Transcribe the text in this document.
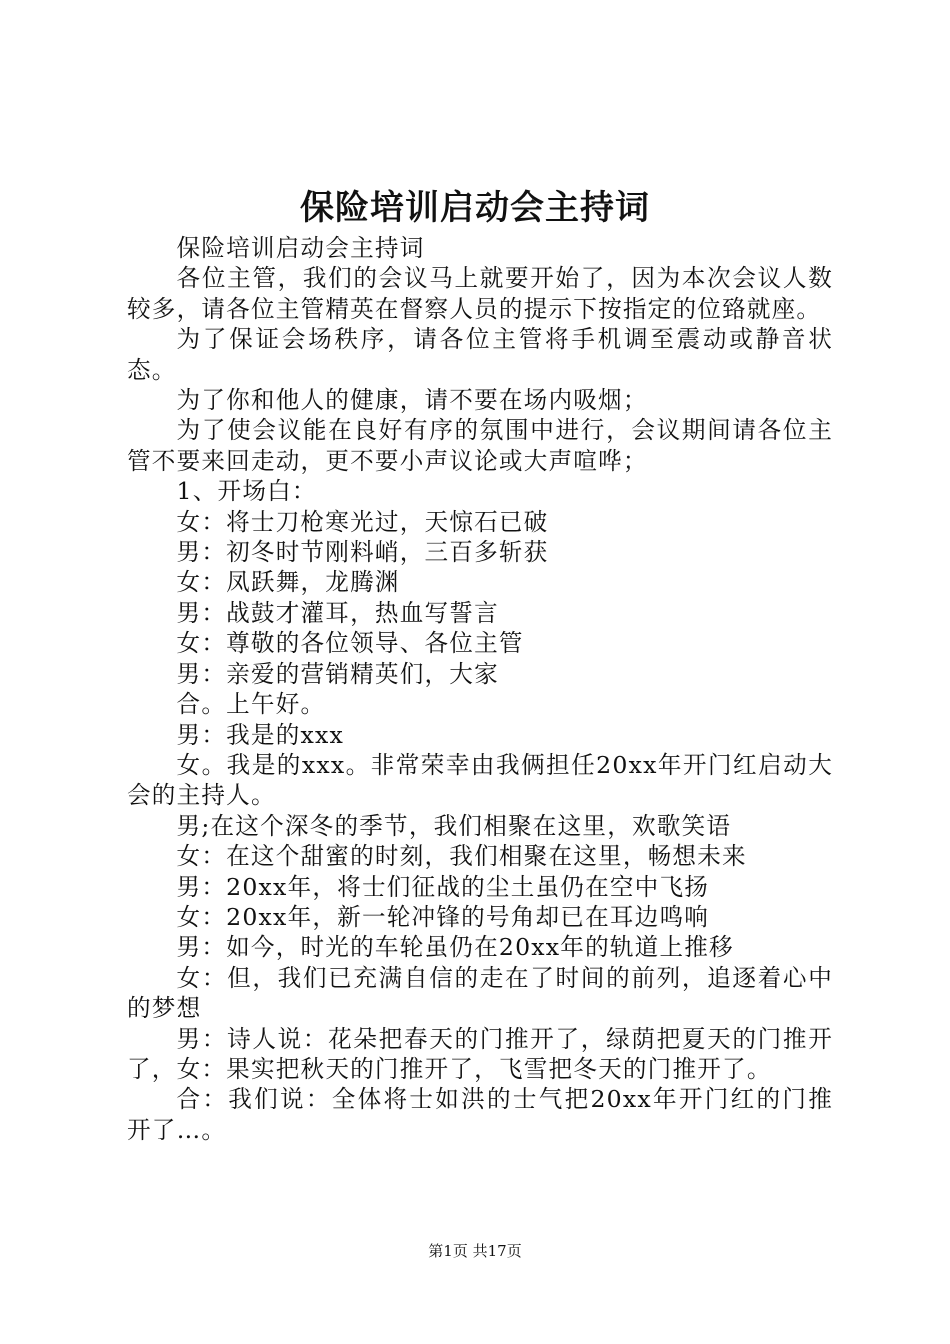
保险培训启动会主持词

保险培训启动会主持词

各位主管，我们的会议马上就要开始了，因为本次会议人数较多，请各位主管精英在督察人员的提示下按指定的位臵就座。

为了保证会场秩序，请各位主管将手机调至震动或静音状态。

为了你和他人的健康，请不要在场内吸烟；

为了使会议能在良好有序的氛围中进行，会议期间请各位主管不要来回走动，更不要小声议论或大声喧哗；

1、开场白：

女：将士刀枪寒光过，天惊石已破

男：初冬时节刚料峭，三百多斩获

女：凤跃舞，龙腾渊

男：战鼓才灌耳，热血写誓言

女：尊敬的各位领导、各位主管

男：亲爱的营销精英们，大家

合。上午好。

男：我是的xxx

女。我是的xxx。非常荣幸由我俩担任20xx年开门红启动大会的主持人。

男;在这个深冬的季节，我们相聚在这里，欢歌笑语

女：在这个甜蜜的时刻，我们相聚在这里，畅想未来

男：20xx年，将士们征战的尘土虽仍在空中飞扬

女：20xx年，新一轮冲锋的号角却已在耳边鸣响

男：如今，时光的车轮虽仍在20xx年的轨道上推移

女：但，我们已充满自信的走在了时间的前列，追逐着心中的梦想

男：诗人说：花朵把春天的门推开了，绿荫把夏天的门推开了，女：果实把秋天的门推开了，飞雪把冬天的门推开了。

合：我们说：全体将士如洪的士气把20xx年开门红的门推开了…。

第1页 共17页
